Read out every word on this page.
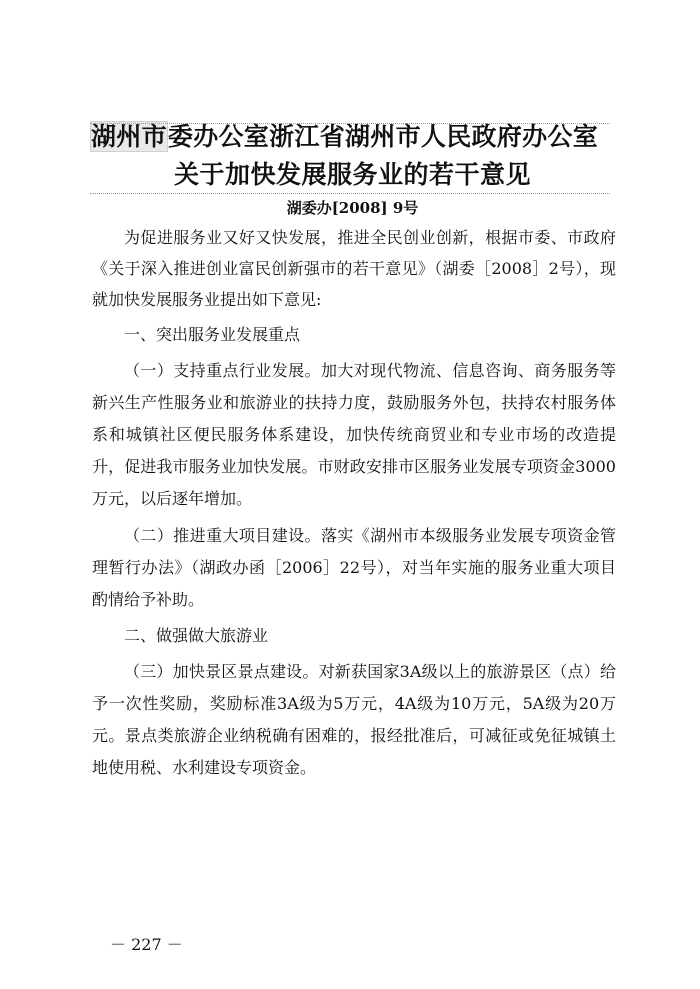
湖州市委办公室浙江省湖州市人民政府办公室
关于加快发展服务业的若干意见
湖委办[2008] 9号

为促进服务业又好又快发展，推进全民创业创新，根据市委、市政府《关于深入推进创业富民创新强市的若干意见》（湖委［2008］2号），现就加快发展服务业提出如下意见:

一、突出服务业发展重点

（一）支持重点行业发展。加大对现代物流、信息咨询、商务服务等新兴生产性服务业和旅游业的扶持力度，鼓励服务外包，扶持农村服务体系和城镇社区便民服务体系建设，加快传统商贸业和专业市场的改造提升，促进我市服务业加快发展。市财政安排市区服务业发展专项资金3000万元，以后逐年增加。

（二）推进重大项目建设。落实《湖州市本级服务业发展专项资金管理暂行办法》（湖政办函［2006］22号），对当年实施的服务业重大项目酌情给予补助。

二、做强做大旅游业

（三）加快景区景点建设。对新获国家3A级以上的旅游景区（点）给予一次性奖励，奖励标准3A级为5万元，4A级为10万元，5A级为20万元。景点类旅游企业纳税确有困难的，报经批准后，可减征或免征城镇土地使用税、水利建设专项资金。

－ 227 －
